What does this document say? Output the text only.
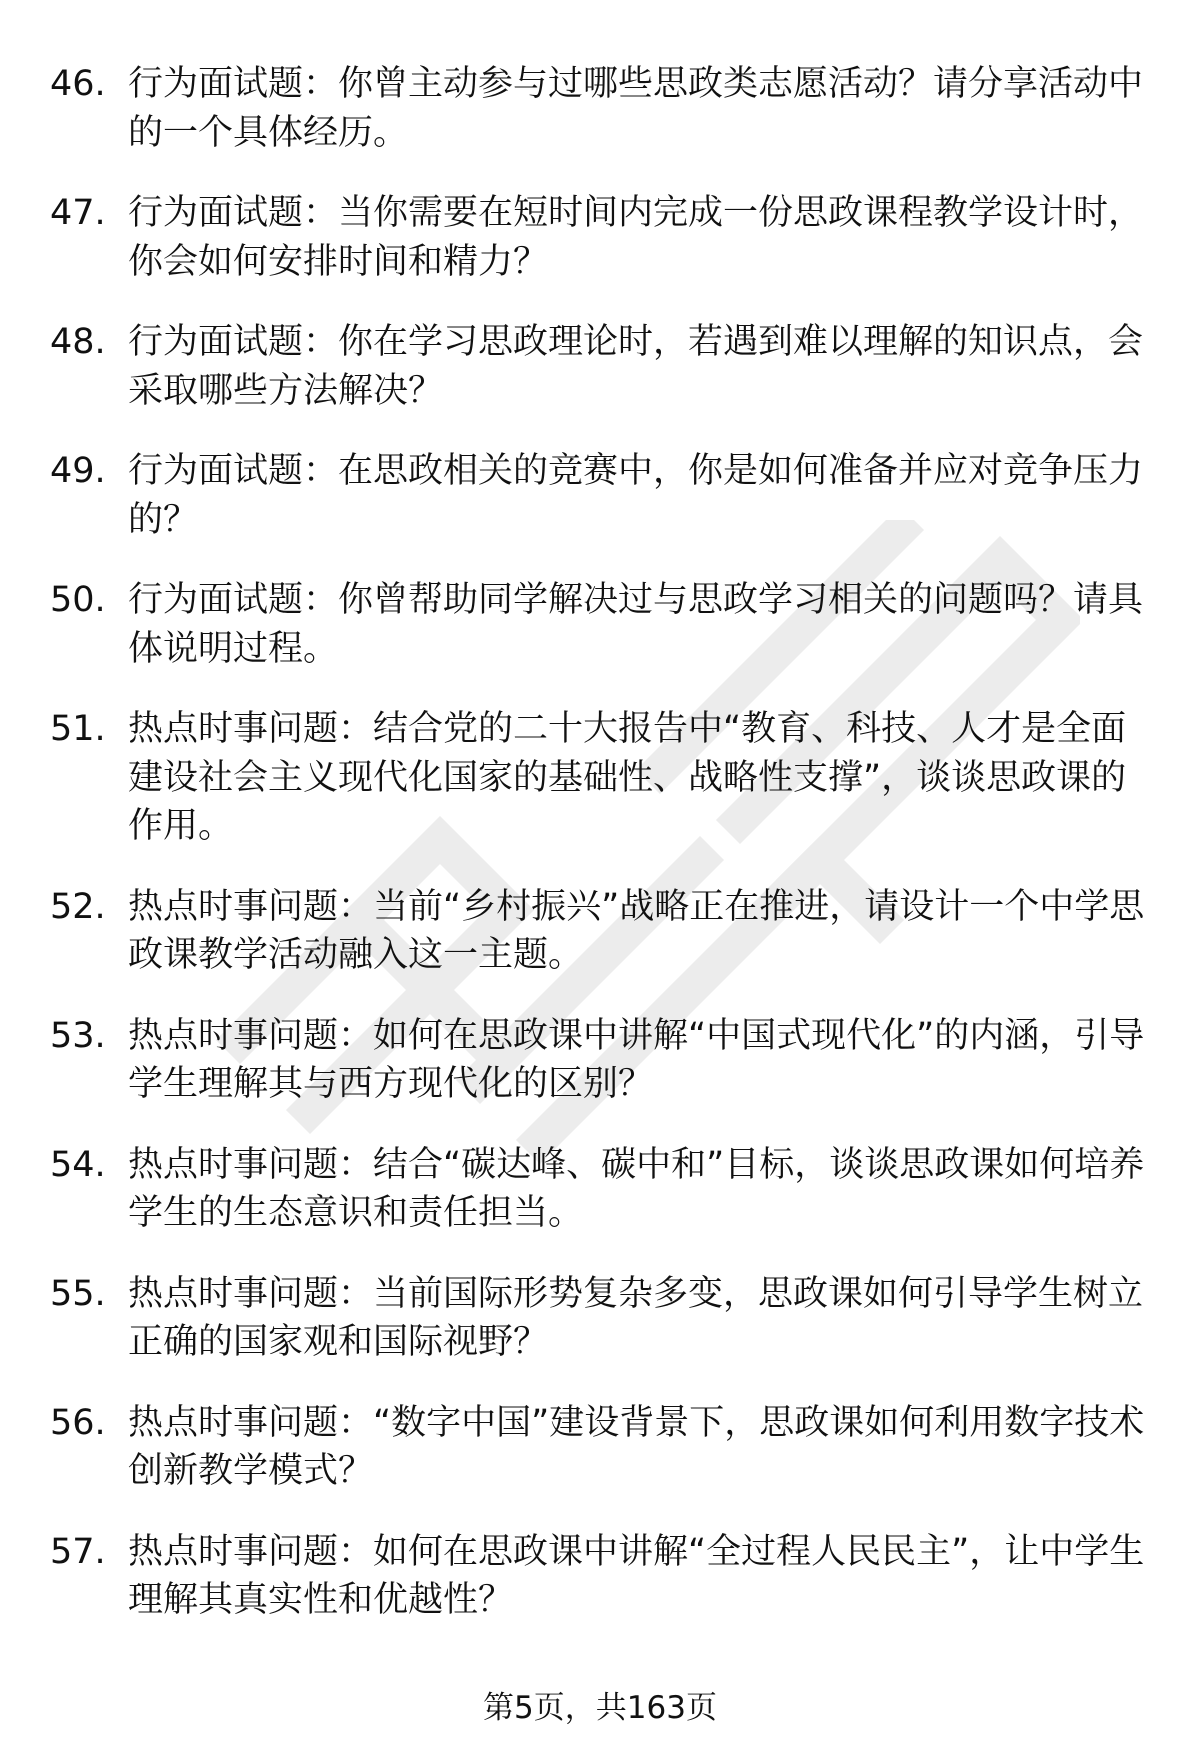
46. 行为面试题：你曾主动参与过哪些思政类志愿活动？请分享活动中的一个具体经历。
47. 行为面试题：当你需要在短时间内完成一份思政课程教学设计时，你会如何安排时间和精力？
48. 行为面试题：你在学习思政理论时，若遇到难以理解的知识点，会采取哪些方法解决？
49. 行为面试题：在思政相关的竞赛中，你是如何准备并应对竞争压力的？
50. 行为面试题：你曾帮助同学解决过与思政学习相关的问题吗？请具体说明过程。
51. 热点时事问题：结合党的二十大报告中“教育、科技、人才是全面建设社会主义现代化国家的基础性、战略性支撑”，谈谈思政课的作用。
52. 热点时事问题：当前“乡村振兴”战略正在推进，请设计一个中学思政课教学活动融入这一主题。
53. 热点时事问题：如何在思政课中讲解“中国式现代化”的内涵，引导学生理解其与西方现代化的区别？
54. 热点时事问题：结合“碳达峰、碳中和”目标，谈谈思政课如何培养学生的生态意识和责任担当。
55. 热点时事问题：当前国际形势复杂多变，思政课如何引导学生树立正确的国家观和国际视野？
56. 热点时事问题：“数字中国”建设背景下，思政课如何利用数字技术创新教学模式？
57. 热点时事问题：如何在思政课中讲解“全过程人民民主”，让中学生理解其真实性和优越性？
第5页，共163页
